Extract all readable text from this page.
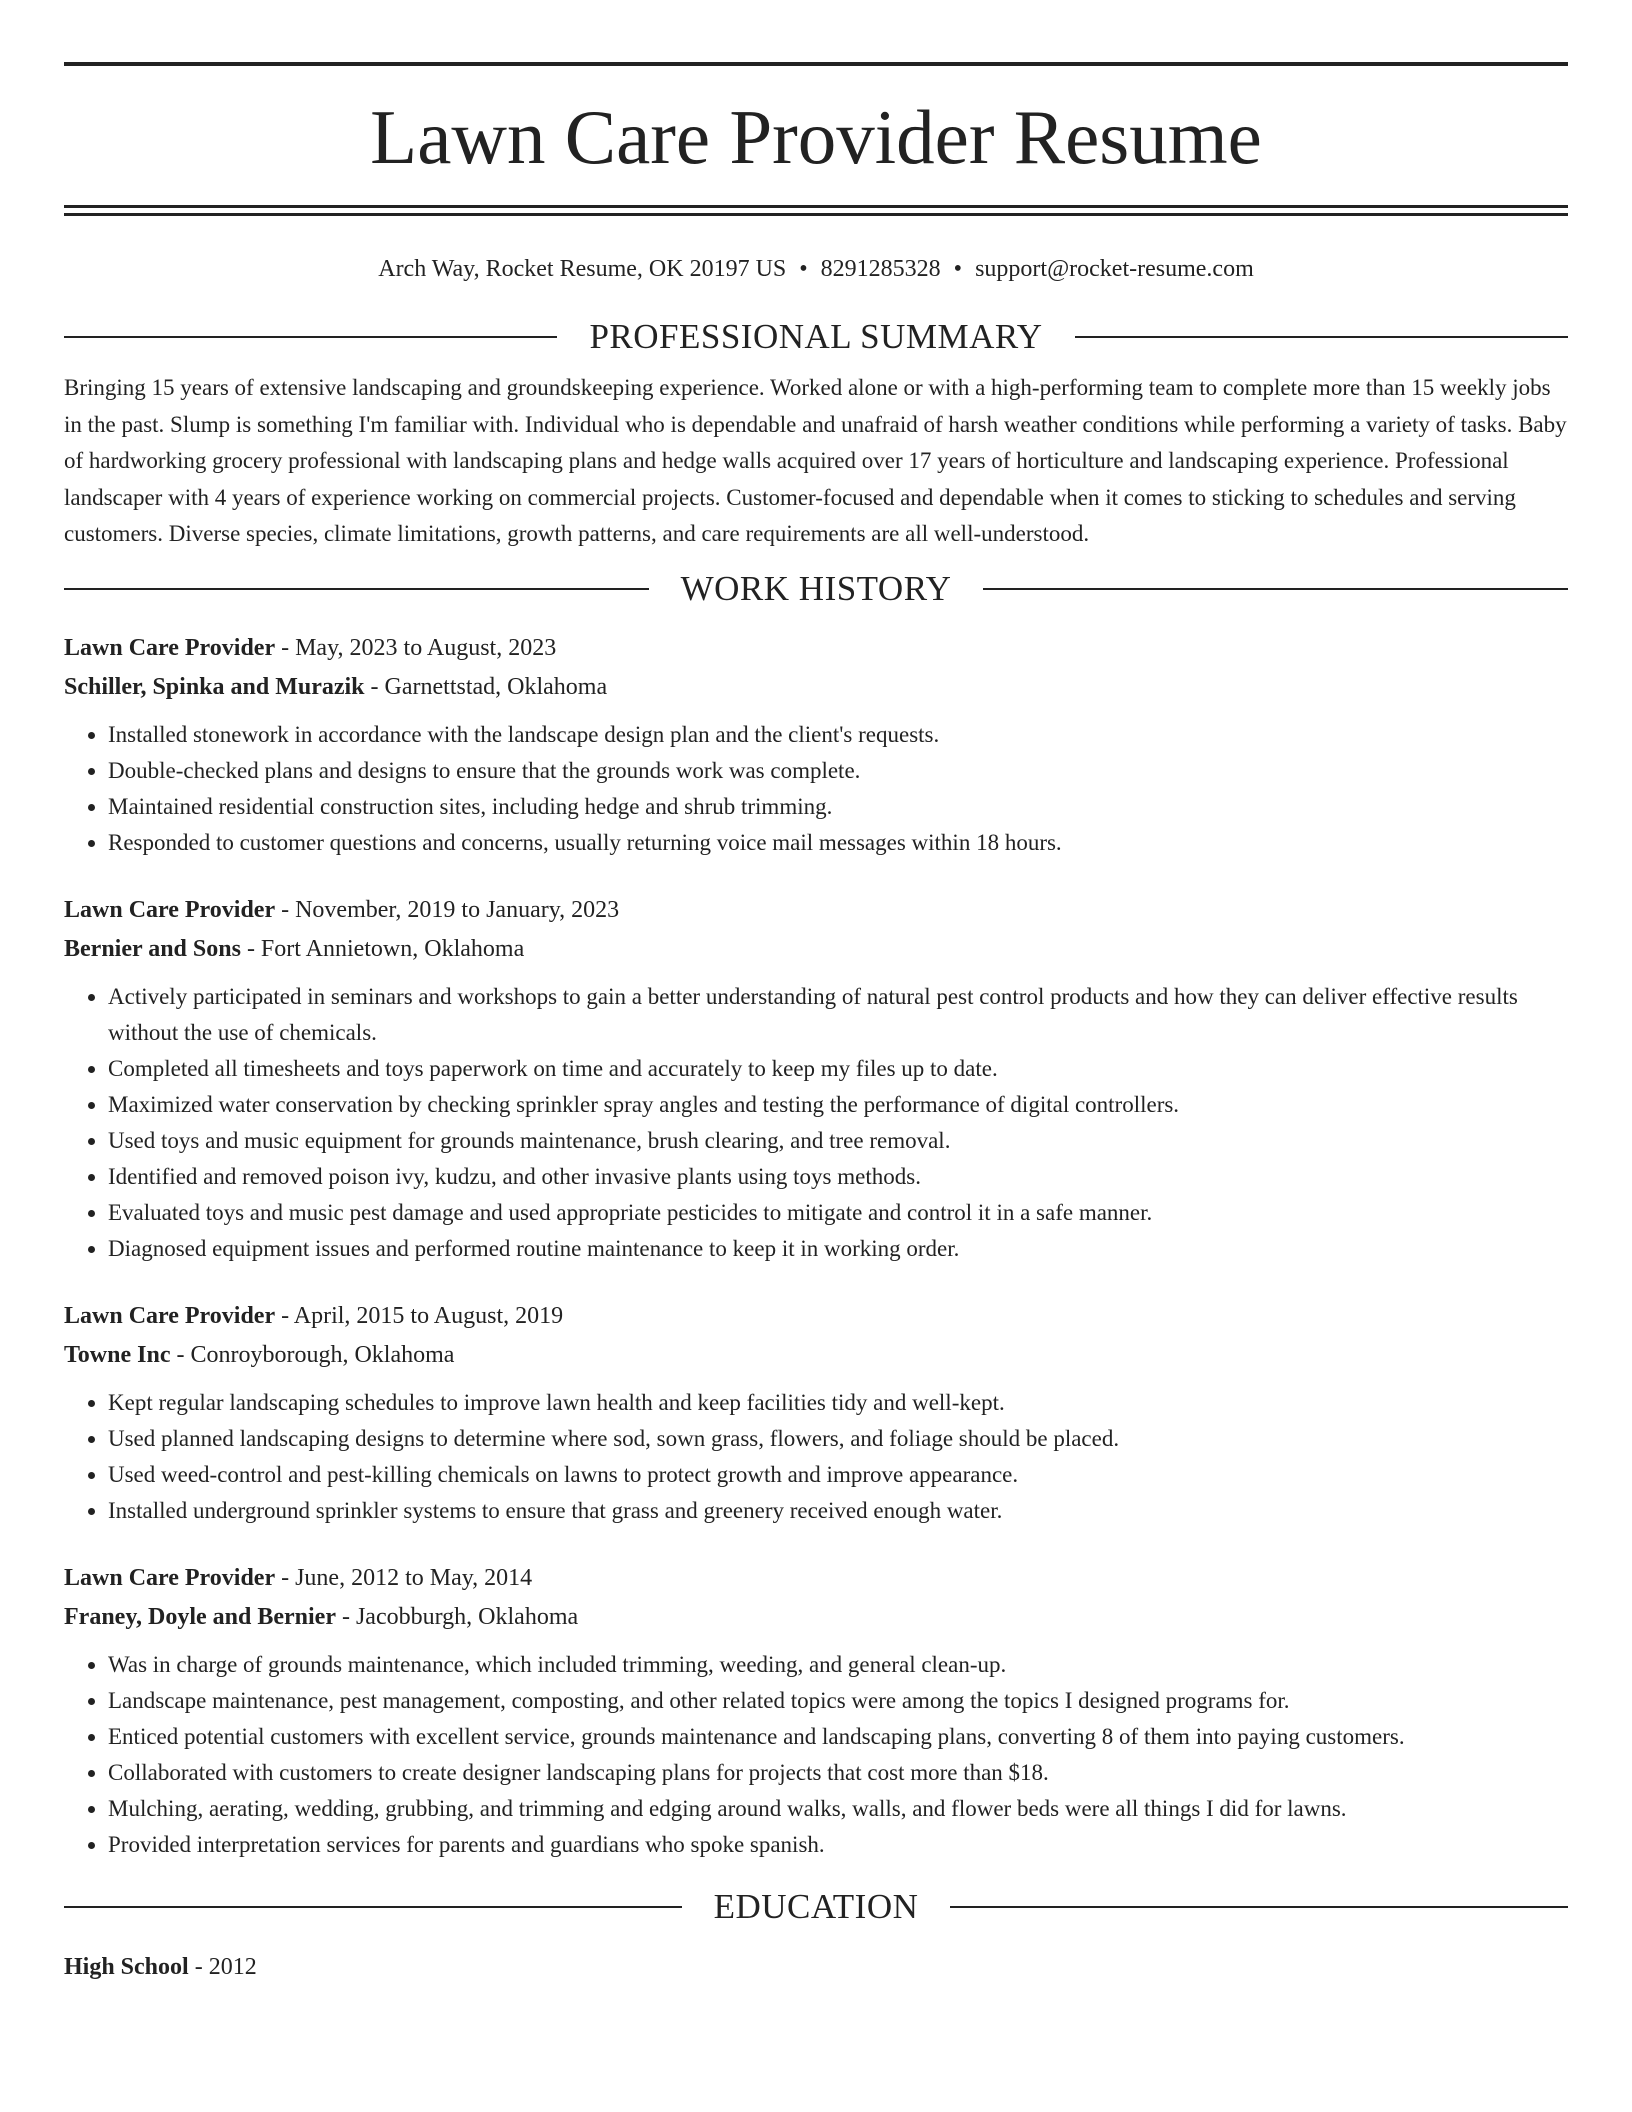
Lawn Care Provider Resume
Arch Way, Rocket Resume, OK 20197 US • 8291285328 • support@rocket-resume.com
PROFESSIONAL SUMMARY

Bringing 15 years of extensive landscaping and groundskeeping experience. Worked alone or with a high-performing team to complete more than 15 weekly jobs in the past. Slump is something I'm familiar with. Individual who is dependable and unafraid of harsh weather conditions while performing a variety of tasks. Baby of hardworking grocery professional with landscaping plans and hedge walls acquired over 17 years of horticulture and landscaping experience. Professional landscaper with 4 years of experience working on commercial projects. Customer-focused and dependable when it comes to sticking to schedules and serving customers. Diverse species, climate limitations, growth patterns, and care requirements are all well-understood.

WORK HISTORY
Lawn Care Provider - May, 2023 to August, 2023
Schiller, Spinka and Murazik - Garnettstad, Oklahoma
• Installed stonework in accordance with the landscape design plan and the client's requests.
• Double-checked plans and designs to ensure that the grounds work was complete.
• Maintained residential construction sites, including hedge and shrub trimming.
• Responded to customer questions and concerns, usually returning voice mail messages within 18 hours.
Lawn Care Provider - November, 2019 to January, 2023
Bernier and Sons - Fort Annietown, Oklahoma
• Actively participated in seminars and workshops to gain a better understanding of natural pest control products and how they can deliver effective results without the use of chemicals.
• Completed all timesheets and toys paperwork on time and accurately to keep my files up to date.
• Maximized water conservation by checking sprinkler spray angles and testing the performance of digital controllers.
• Used toys and music equipment for grounds maintenance, brush clearing, and tree removal.
• Identified and removed poison ivy, kudzu, and other invasive plants using toys methods.
• Evaluated toys and music pest damage and used appropriate pesticides to mitigate and control it in a safe manner.
• Diagnosed equipment issues and performed routine maintenance to keep it in working order.
Lawn Care Provider - April, 2015 to August, 2019
Towne Inc - Conroyborough, Oklahoma
• Kept regular landscaping schedules to improve lawn health and keep facilities tidy and well-kept.
• Used planned landscaping designs to determine where sod, sown grass, flowers, and foliage should be placed.
• Used weed-control and pest-killing chemicals on lawns to protect growth and improve appearance.
• Installed underground sprinkler systems to ensure that grass and greenery received enough water.
Lawn Care Provider - June, 2012 to May, 2014
Franey, Doyle and Bernier - Jacobburgh, Oklahoma
• Was in charge of grounds maintenance, which included trimming, weeding, and general clean-up.
• Landscape maintenance, pest management, composting, and other related topics were among the topics I designed programs for.
• Enticed potential customers with excellent service, grounds maintenance and landscaping plans, converting 8 of them into paying customers.
• Collaborated with customers to create designer landscaping plans for projects that cost more than $18.
• Mulching, aerating, wedding, grubbing, and trimming and edging around walks, walls, and flower beds were all things I did for lawns.
• Provided interpretation services for parents and guardians who spoke spanish.
EDUCATION
High School - 2012
